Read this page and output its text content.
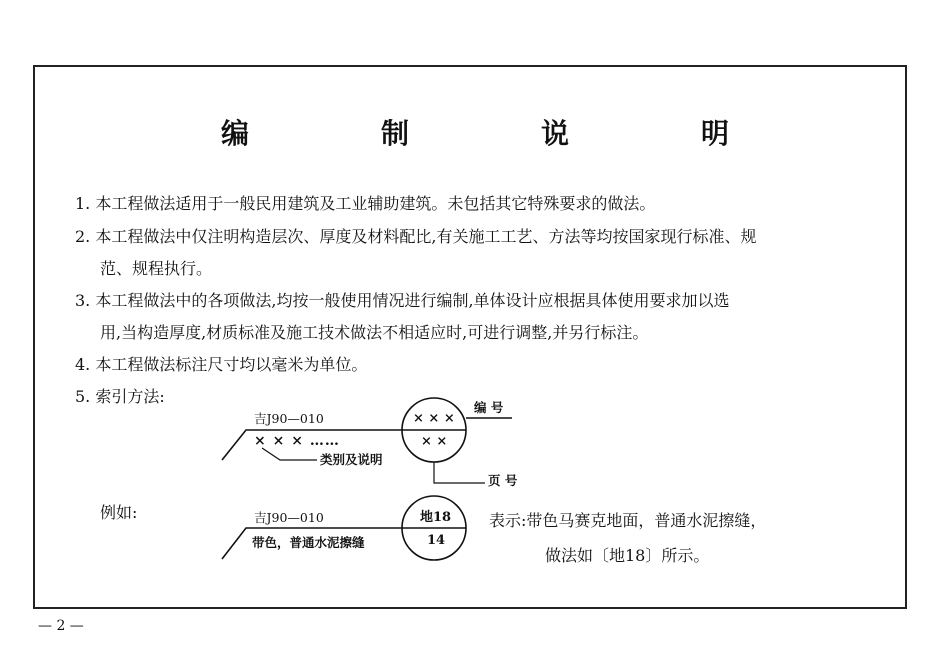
编　制　说　明
1. 本工程做法适用于一般民用建筑及工业辅助建筑。未包括其它特殊要求的做法。
2. 本工程做法中仅注明构造层次、厚度及材料配比,有关施工工艺、方法等均按国家现行标准、规
范、规程执行。
3. 本工程做法中的各项做法,均按一般使用情况进行编制,单体设计应根据具体使用要求加以选
用,当构造厚度,材质标准及施工技术做法不相适应时,可进行调整,并另行标注。
4. 本工程做法标注尺寸均以毫米为单位。
5. 索引方法:
吉J90—010
× × × ……
类别及说明
× × ×
× ×
编 号
页 号
例如:	吉J90—010
带色，普通水泥擦缝
地18
14
表示:带色马赛克地面，普通水泥擦缝，
做法如〔地18〕所示。
— 2 —
